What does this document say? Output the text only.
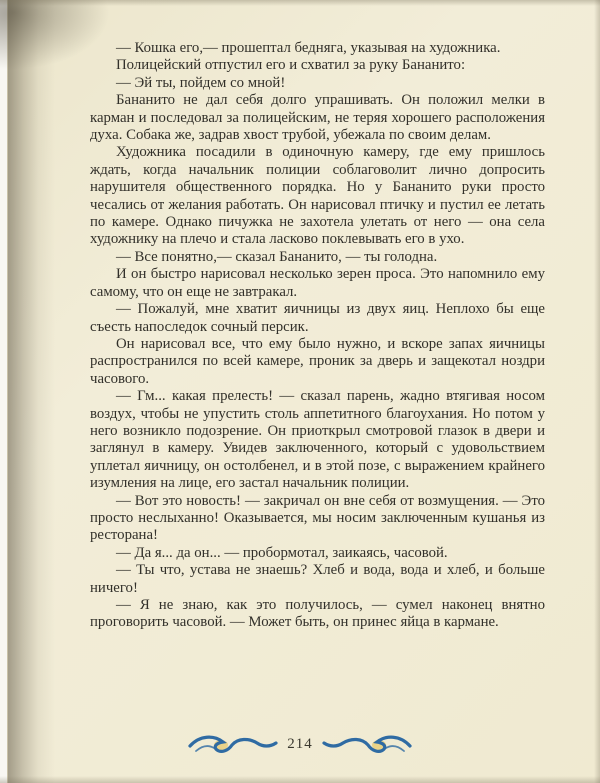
— Кошка его,— прошептал бедняга, указывая на художника.

Полицейский отпустил его и схватил за руку Бананито:

— Эй ты, пойдем со мной!

Бананито не дал себя долго упрашивать. Он положил мелки в карман и последовал за полицейским, не теряя хорошего расположения духа. Собака же, задрав хвост трубой, убежала по своим делам.

Художника посадили в одиночную камеру, где ему пришлось ждать, когда начальник полиции соблаговолит лично допросить нарушителя общественного порядка. Но у Бананито руки просто чесались от желания работать. Он нарисовал птичку и пустил ее летать по камере. Однако пичужка не захотела улетать от него — она села художнику на плечо и стала ласково поклевывать его в ухо.

— Все понятно,— сказал Бананито, — ты голодна.

И он быстро нарисовал несколько зерен проса. Это напомнило ему самому, что он еще не завтракал.

— Пожалуй, мне хватит яичницы из двух яиц. Неплохо бы еще съесть напоследок сочный персик.

Он нарисовал все, что ему было нужно, и вскоре запах яичницы распространился по всей камере, проник за дверь и защекотал ноздри часового.

— Гм... какая прелесть! — сказал парень, жадно втягивая носом воздух, чтобы не упустить столь аппетитного благоухания. Но потом у него возникло подозрение. Он приоткрыл смотровой глазок в двери и заглянул в камеру. Увидев заключенного, который с удовольствием уплетал яичницу, он остолбенел, и в этой позе, с выражением крайнего изумления на лице, его застал начальник полиции.

— Вот это новость! — закричал он вне себя от возмущения. — Это просто неслыханно! Оказывается, мы носим заключенным кушанья из ресторана!

— Да я... да он... — пробормотал, заикаясь, часовой.

— Ты что, устава не знаешь? Хлеб и вода, вода и хлеб, и больше ничего!

— Я не знаю, как это получилось, — сумел наконец внятно проговорить часовой. — Может быть, он принес яйца в кармане.

214
